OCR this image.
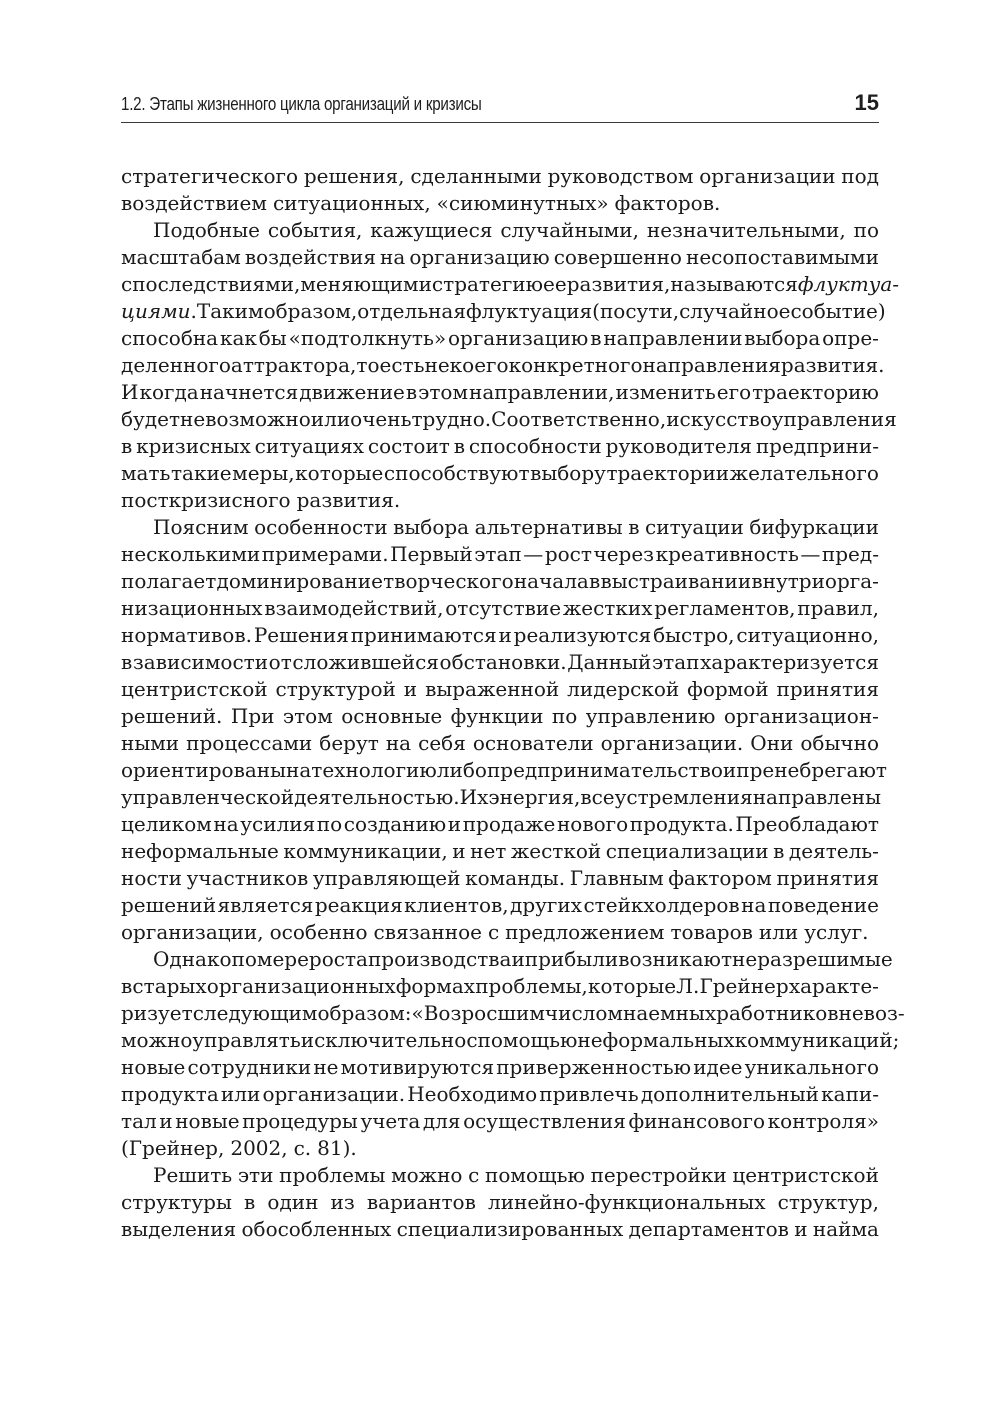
1.2. Этапы жизненного цикла организаций и кризисы	15
стратегического решения, сделанными руководством организации под
воздействием ситуационных, «сиюминутных» факторов.
Подобные события, кажущиеся случайными, незначительными, по
масштабам воздействия на организацию совершенно несопоставимыми
с последствиями, меняющими стратегию ее развития, называются флуктуа-
циями. Таким образом, отдельная флуктуация (по сути, случайное событие)
способна как бы «подтолкнуть» организацию в направлении выбора опре-
деленного аттрактора, то есть некоего конкретного направления развития.
И когда начнется движение в этом направлении, изменить его траекторию
будет невозможно или очень трудно. Соответственно, искусство управления
в кризисных ситуациях состоит в способности руководителя предприни-
мать такие меры, которые способствуют выбору траектории желательного
посткризисного развития.
Поясним особенности выбора альтернативы в ситуации бифуркации
несколькими примерами. Первый этап — рост через креативность — пред-
полагает доминирование творческого начала в выстраивании внутриорга-
низационных взаимодействий, отсутствие жестких регламентов, правил,
нормативов. Решения принимаются и реализуются быстро, ситуационно,
в зависимости от сложившейся обстановки. Данный этап характеризуется
центристской структурой и выраженной лидерской формой принятия
решений. При этом основные функции по управлению организацион-
ными процессами берут на себя основатели организации. Они обычно
ориентированы на технологию либо предпринимательство и пренебрегают
управленческой деятельностью. Их энергия, все устремления направлены
целиком на усилия по созданию и продаже нового продукта. Преобладают
неформальные коммуникации, и нет жесткой специализации в деятель-
ности участников управляющей команды. Главным фактором принятия
решений является реакция клиентов, других стейкхолдеров на поведение
организации, особенно связанное с предложением товаров или услуг.
Однако по мере роста производства и прибыли возникают неразрешимые
в старых организационных формах проблемы, которые Л. Грейнер характе-
ризует следующим образом: «Возросшим числом наемных работников невоз-
можно управлять исключительно с помощью неформальных коммуникаций;
новые сотрудники не мотивируются приверженностью идее уникального
продукта или организации. Необходимо привлечь дополнительный капи-
тал и новые процедуры учета для осуществления финансового контроля»
(Грейнер, 2002, с. 81).
Решить эти проблемы можно с помощью перестройки центристской
структуры в один из вариантов линейно-функциональных структур,
выделения обособленных специализированных департаментов и найма
